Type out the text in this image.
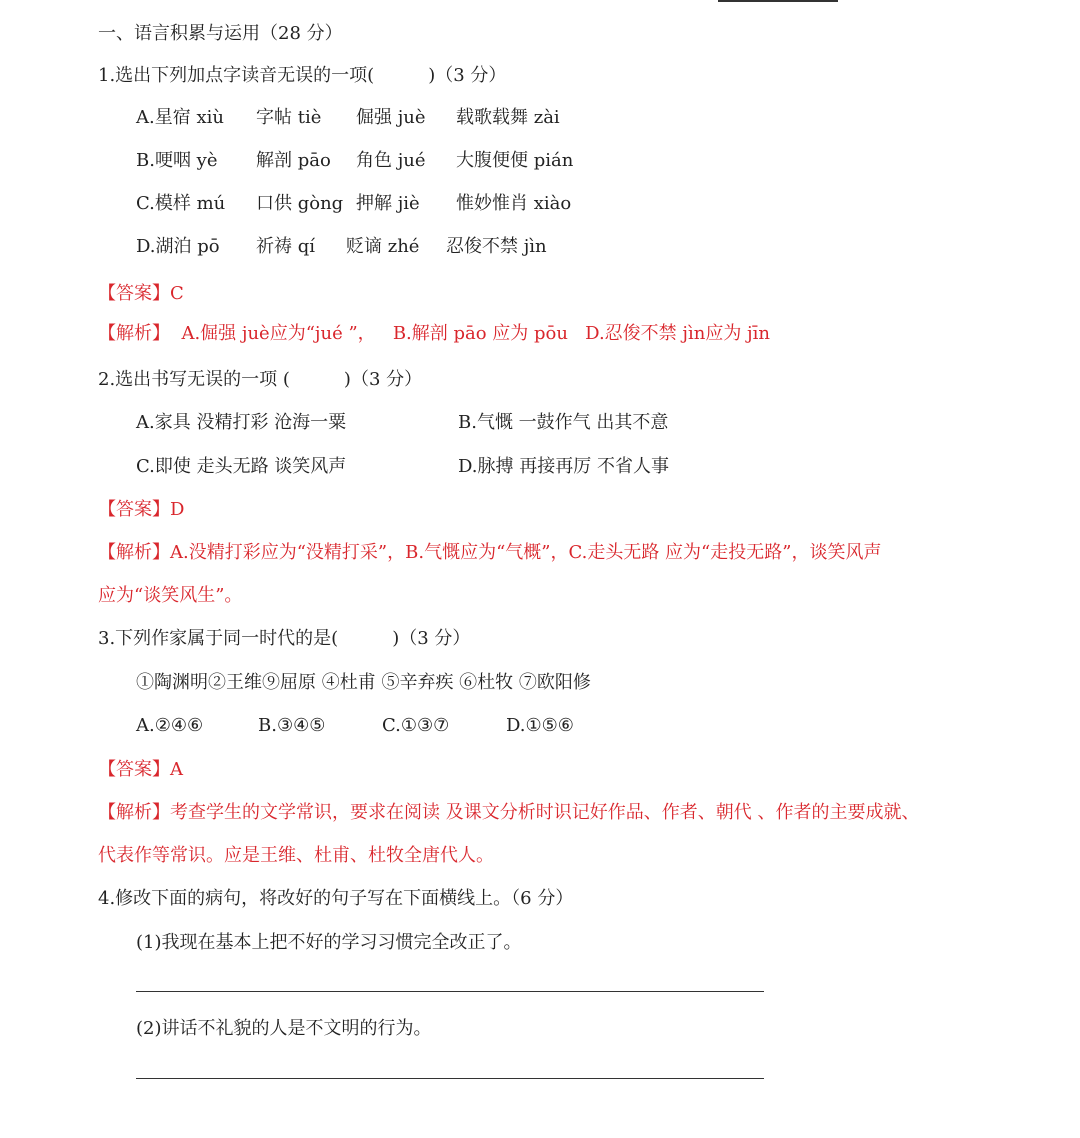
一、语言积累与运用（28 分）
1.选出下列加点字读音无误的一项(　　　)（3 分）

A.星宿 xiù

字帖 tiè

倔强 juè

载歌载舞 zài

B.哽咽 yè

解剖 pāo

角色 jué

大腹便便 pián

C.模样 mú

口供 gòng

押解 jiè

惟妙惟肖 xiào

D.湖泊 pō

祈祷 qí

贬谪 zhé

忍俊不禁 jìn

【答案】C
【解析】  A.倔强 juè应为“jué ”，   B.解剖 pāo 应为 pōu   D.忍俊不禁 jìn应为 jīn
2.选出书写无误的一项 (　　　)（3 分）

A.家具 没精打彩 沧海一粟

	B.气慨 一鼓作气 出其不意

C.即使 走头无路 谈笑风声

	D.脉搏 再接再厉 不省人事

【答案】D
【解析】A.没精打彩应为“没精打采”，B.气慨应为“气概”，C.走头无路 应为“走投无路”，谈笑风声
应为“谈笑风生”。
3.下列作家属于同一时代的是(　　　)（3 分）
①陶渊明②王维⑨屈原 ④杜甫 ⑤辛弃疾 ⑥杜牧 ⑦欧阳修

A.②④⑥

	B.③④⑤

	C.①③⑦

	D.①⑤⑥

【答案】A
【解析】考查学生的文学常识，要求在阅读 及课文分析时识记好作品、作者、朝代 、作者的主要成就、
代表作等常识。应是王维、杜甫、杜牧全唐代人。
4.修改下面的病句，将改好的句子写在下面横线上。（6 分）
(1)我现在基本上把不好的学习习惯完全改正了。
(2)讲话不礼貌的人是不文明的行为。
